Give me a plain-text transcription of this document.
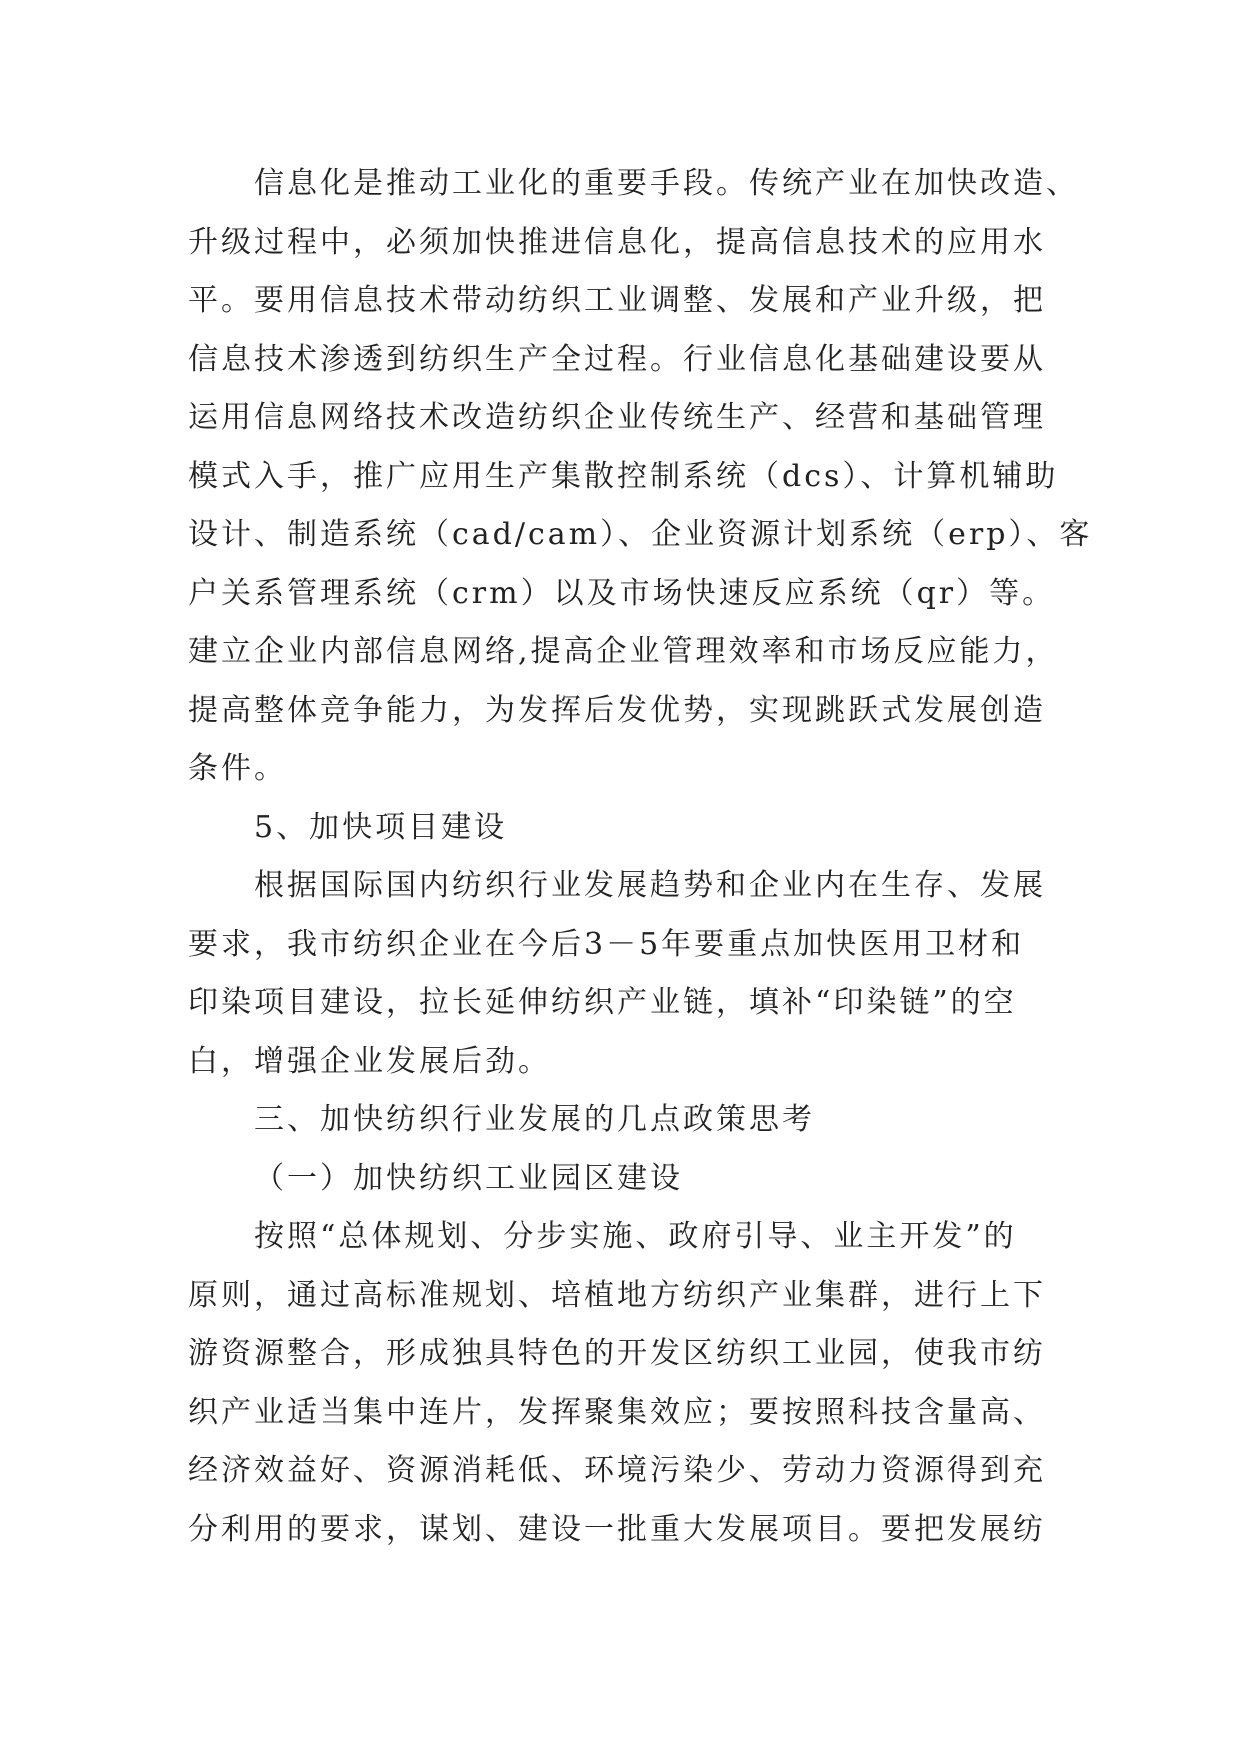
信息化是推动工业化的重要手段。传统产业在加快改造、
升级过程中，必须加快推进信息化，提高信息技术的应用水
平。要用信息技术带动纺织工业调整、发展和产业升级，把
信息技术渗透到纺织生产全过程。行业信息化基础建设要从
运用信息网络技术改造纺织企业传统生产、经营和基础管理
模式入手，推广应用生产集散控制系统（dcs）、计算机辅助
设计、制造系统（cad/cam）、企业资源计划系统（erp）、客
户关系管理系统（crm）以及市场快速反应系统（qr）等。
建立企业内部信息网络,提高企业管理效率和市场反应能力，
提高整体竞争能力，为发挥后发优势，实现跳跃式发展创造
条件。
5、加快项目建设
根据国际国内纺织行业发展趋势和企业内在生存、发展
要求，我市纺织企业在今后3－5年要重点加快医用卫材和
印染项目建设，拉长延伸纺织产业链，填补“印染链”的空
白，增强企业发展后劲。
三、加快纺织行业发展的几点政策思考
（一）加快纺织工业园区建设
按照“总体规划、分步实施、政府引导、业主开发”的
原则，通过高标准规划、培植地方纺织产业集群，进行上下
游资源整合，形成独具特色的开发区纺织工业园，使我市纺
织产业适当集中连片，发挥聚集效应；要按照科技含量高、
经济效益好、资源消耗低、环境污染少、劳动力资源得到充
分利用的要求，谋划、建设一批重大发展项目。要把发展纺
